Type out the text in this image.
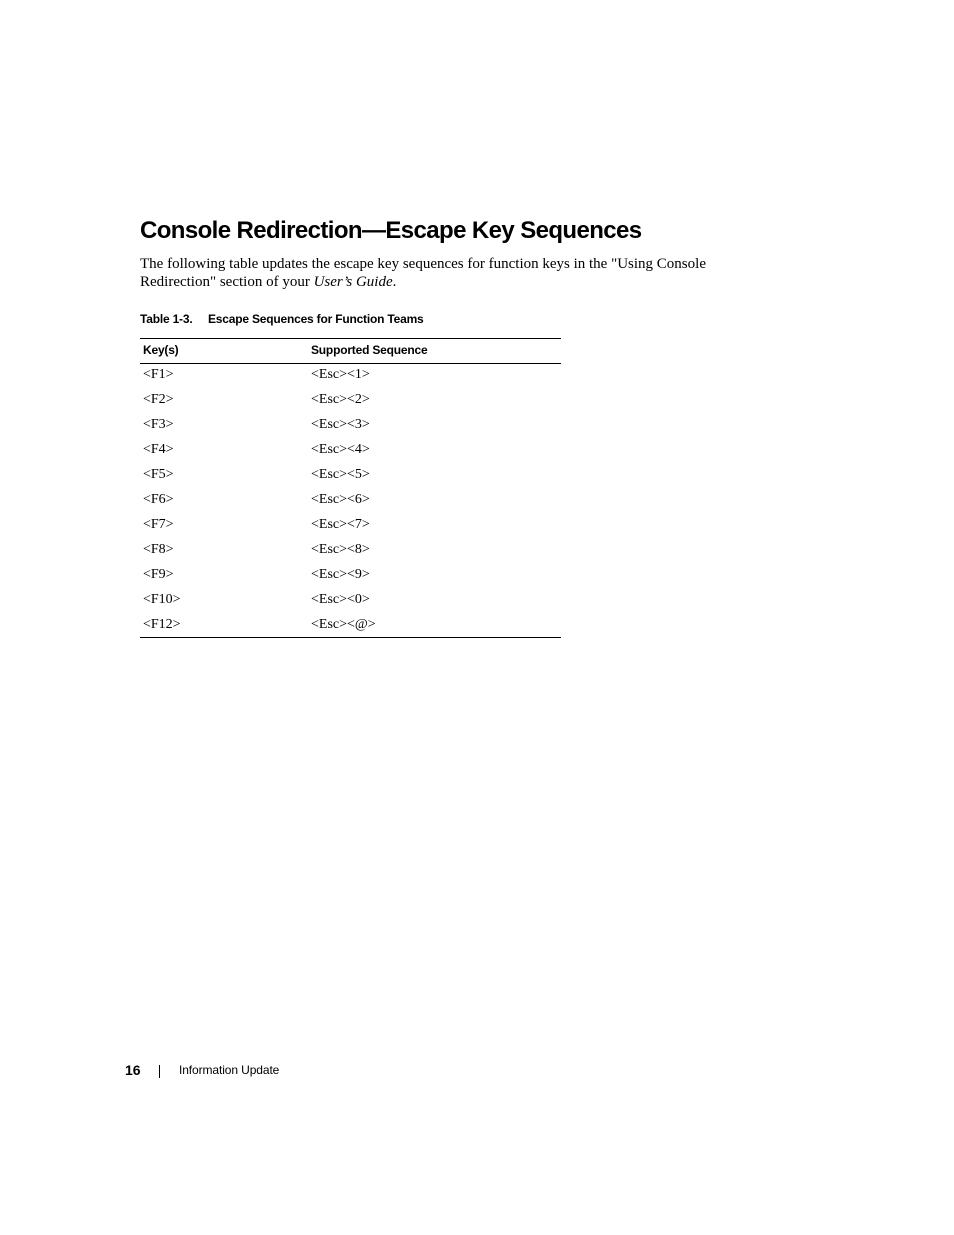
Console Redirection—Escape Key Sequences

The following table updates the escape key sequences for function keys in the "Using Console Redirection" section of your User’s Guide.

Table 1-3. Escape Sequences for Function Teams
Key(s)	Supported Sequence
<F1>	<Esc><1>
<F2>	<Esc><2>
<F3>	<Esc><3>
<F4>	<Esc><4>
<F5>	<Esc><5>
<F6>	<Esc><6>
<F7>	<Esc><7>
<F8>	<Esc><8>
<F9>	<Esc><9>
<F10>	<Esc><0>
<F12>	<Esc><@>
16	Information Update
